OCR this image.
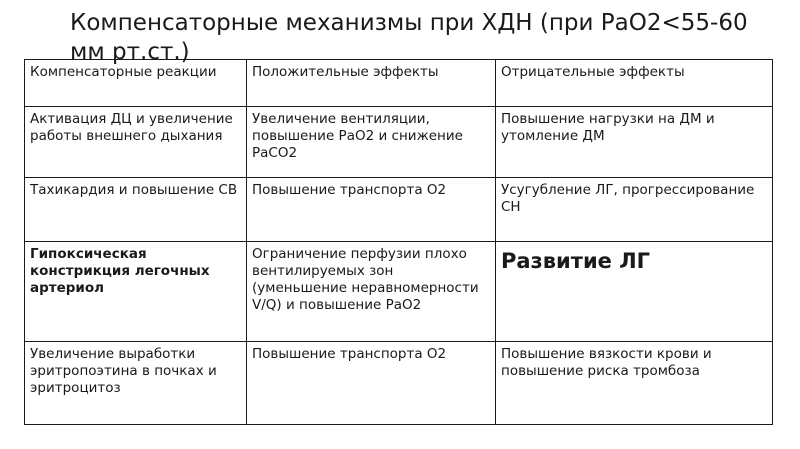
Компенсаторные механизмы при ХДН (при РаО2<55-60 мм рт.ст.)
Компенсаторные реакции	Положительные эффекты	Отрицательные эффекты
Активация ДЦ и увеличение работы внешнего дыхания	Увеличение вентиляции, повышение РаО2 и снижение РаСО2	Повышение нагрузки на ДМ и утомление ДМ
Тахикардия и повышение СВ	Повышение транспорта О2	Усугубление ЛГ, прогрессирование СН
Гипоксическая констрикция легочных артериол	Ограничение перфузии плохо вентилируемых зон (уменьшение неравномерности V/Q) и повышение РаО2	Развитие ЛГ
Увеличение выработки эритропоэтина в почках и эритроцитоз	Повышение транспорта О2	Повышение вязкости крови и повышение риска тромбоза
